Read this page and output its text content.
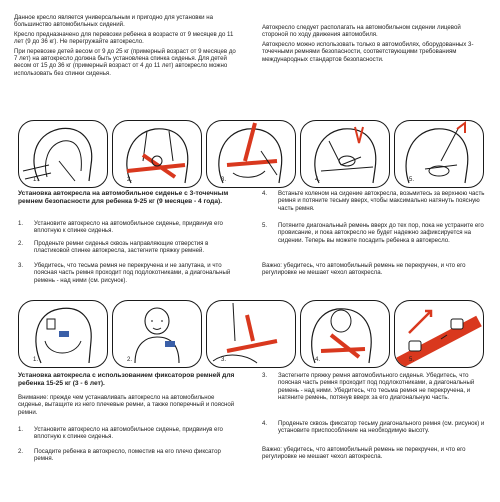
Данное кресло является универсальным и пригодно для установки на большинство автомобильных сидений.

Кресло предназначено для перевозки ребенка в возрасте от 9 месяцев до 11 лет (9 до 36 кг). Не перегружайте автокресло.

При перевозке детей весом от 9 до 25 кг (примерный возраст от 9 месяцев до 7 лет) на автокресло должна быть установлена спинка сиденья. Для детей весом от 15 до 36 кг (примерный возраст от 4 до 11 лет) автокресло можно использовать без спинки сиденья.

Автокресло следует располагать на автомобильном сидении лицевой стороной по ходу движения автомобиля.

Автокресло можно использовать только в автомобилях, оборудованных 3-точечными ремнями безопасности, соответствующими требованиям международных стандартов безопасности.

1.	2.	3.	4.	5.
Установка автокресла на автомобильное сиденье с 3-точечным ремнем безопасности для ребенка 9-25 кг (9 месяцев - 4 года).
1. Установите автокресло на автомобильное сиденье, придвинув его вплотную к спинке сиденья.
2. Проденьте ремни сиденья сквозь направляющие отверстия в пластиковой спинке автокресла, застегните пряжку ремней.
3. Убедитесь, что тесьма ремня не перекручена и не запутана, и что поясная часть ремня проходит под подлокотниками, а диагональный ремень - над ними (см. рисунок).
4. Встаньте коленом на сидение автокресла, возьмитесь за верхнюю часть ремня и потяните тесьму вверх, чтобы максимально натянуть поясную часть ремня.
5. Потяните диагональный ремень вверх до тех пор, пока не устраните его провисание, и пока автокресло не будет надежно зафиксируется на сидении. Теперь вы можете посадить ребенка в автокресло.
Важно: убедитесь, что автомобильный ремень не перекручен, и что его регулировке не мешает чехол автокресла.
1.	2.	3.	4.	5.
Установка автокресла с использованием фиксаторов ремней для ребенка 15-25 кг (3 - 6 лет).
Внимание: прежде чем устанавливать автокресло на автомобильное сиденье, вытащите из него плечевые ремни, а также поперечный и поясной ремни.
1. Установите автокресло на автомобильное сиденье, придвинув его вплотную к спинке сиденья.
2. Посадите ребенка в автокресло, поместив на его плечо фиксатор ремня.
3. Застегните пряжку ремня автомобильного сиденья. Убедитесь, что поясная часть ремня проходит под подлокотниками, а диагональный ремень - над ними. Убедитесь, что тесьма ремня не перекручена, и натяните ремень, потянув вверх за его диагональную часть.
4. Проденьте сквозь фиксатор тесьму диагонального ремня (см. рисунок) и установите приспособление на необходимую высоту.
Важно: убедитесь, что автомобильный ремень не перекручен, и что его регулировке не мешает чехол автокресла.
